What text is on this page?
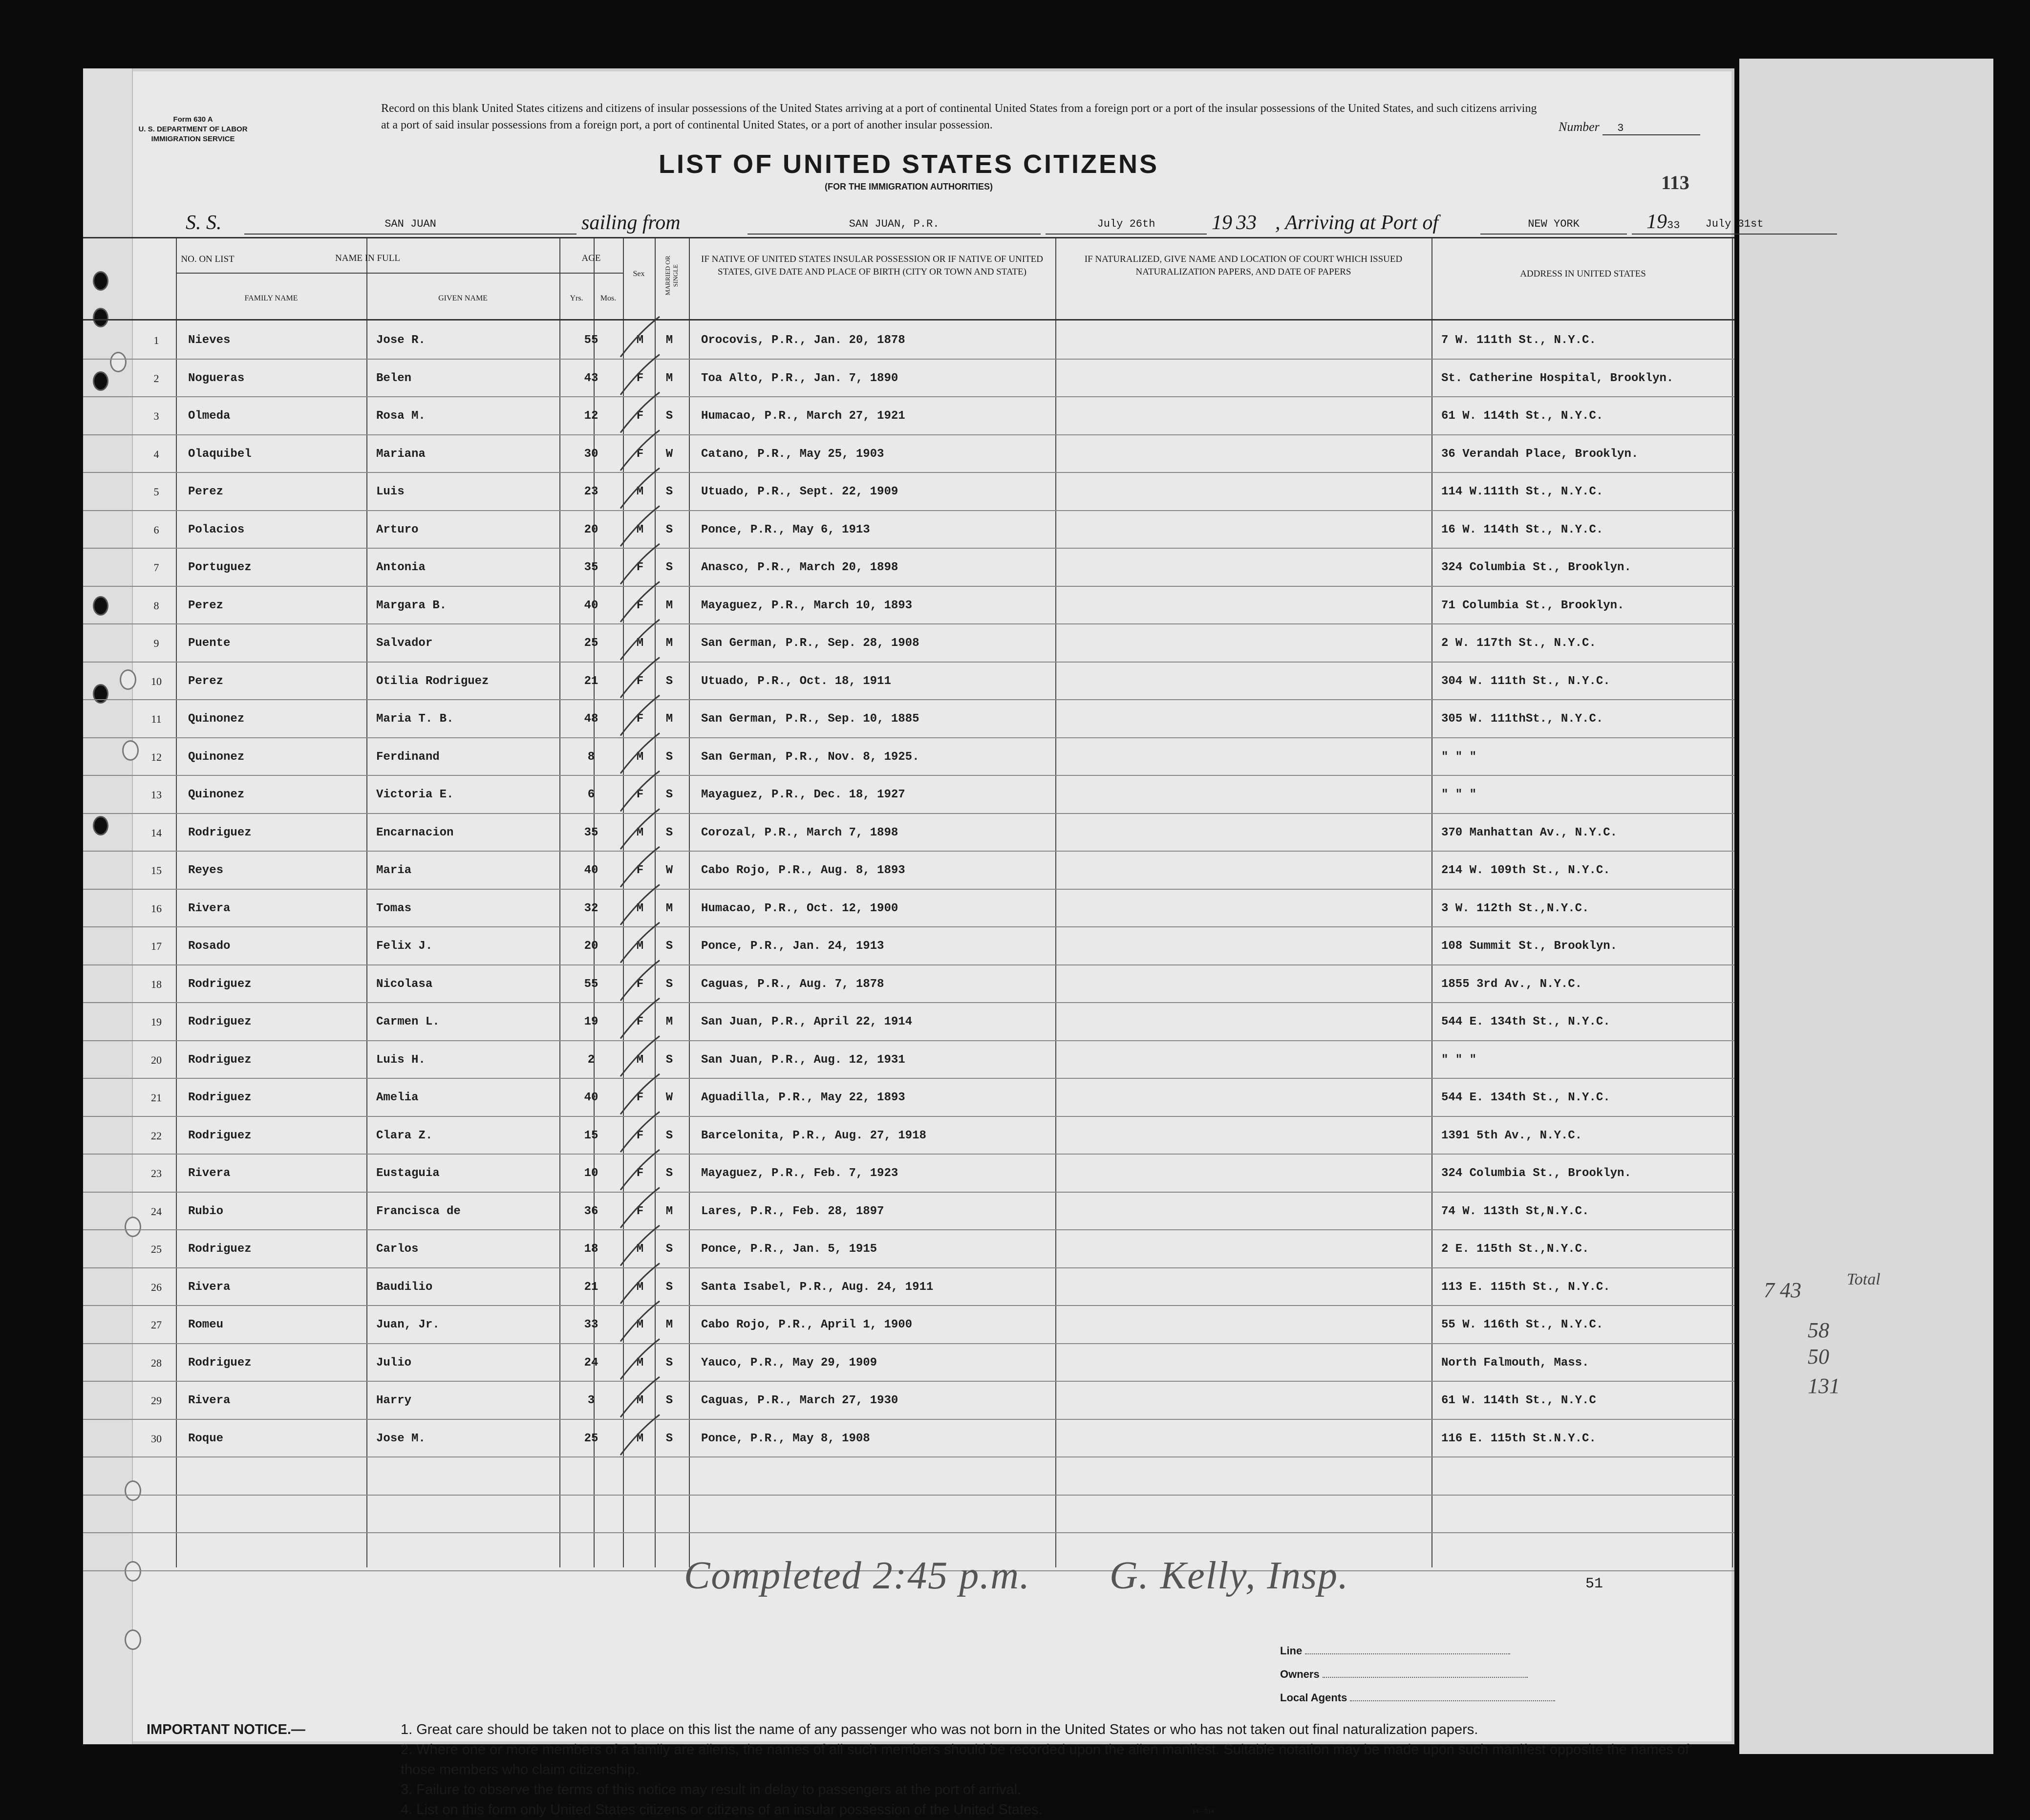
Form 630 A
U. S. DEPARTMENT OF LABOR
IMMIGRATION SERVICE
Record on this blank United States citizens and citizens of insular possessions of the United States arriving at a port of continental United States from a foreign port or a port of the insular possessions of the United States, and such citizens arriving at a port of said insular possessions from a foreign port, a port of continental United States, or a port of another insular possession.	Number 3
LIST OF UNITED STATES CITIZENS
(FOR THE IMMIGRATION AUTHORITIES)	113
S. S.	SAN JUAN	sailing from	SAN JUAN, P.R.	July 26th	19 33 , Arriving at Port of	NEW YORK	July 31st
1933
NO. ON LIST	NAME IN FULL	AGE
FAMILY NAME	GIVEN NAME	Yrs.	Mos.
Sex	MARRIED OR SINGLE
IF NATIVE OF UNITED STATES INSULAR POSSESSION OR IF NATIVE OF UNITED STATES, GIVE DATE AND PLACE OF BIRTH (CITY OR TOWN AND STATE)
IF NATURALIZED, GIVE NAME AND LOCATION OF COURT WHICH ISSUED NATURALIZATION PAPERS, AND DATE OF PAPERS	ADDRESS IN UNITED STATES
1	Nieves	Jose R.	55	M	M	Orocovis, P.R., Jan. 20, 1878	7 W. 111th St., N.Y.C.
2	Nogueras	Belen	43	F	M	Toa Alto, P.R., Jan. 7, 1890	St. Catherine Hospital, Brooklyn.
3	Olmeda	Rosa M.	12	F	S	Humacao, P.R., March 27, 1921	61 W. 114th St., N.Y.C.
4	Olaquibel	Mariana	30	F	W	Catano, P.R., May 25, 1903	36 Verandah Place, Brooklyn.
5	Perez	Luis	23	M	S	Utuado, P.R., Sept. 22, 1909	114 W.111th St., N.Y.C.
6	Polacios	Arturo	20	M	S	Ponce, P.R., May 6, 1913	16 W. 114th St., N.Y.C.
7	Portuguez	Antonia	35	F	S	Anasco, P.R., March 20, 1898	324 Columbia St., Brooklyn.
8	Perez	Margara B.	40	F	M	Mayaguez, P.R., March 10, 1893	71 Columbia St., Brooklyn.
9	Puente	Salvador	25	M	M	San German, P.R., Sep. 28, 1908	2 W. 117th St., N.Y.C.
10	Perez	Otilia Rodriguez	21	F	S	Utuado, P.R., Oct. 18, 1911	304 W. 111th St., N.Y.C.
11	Quinonez	Maria T. B.	48	F	M	San German, P.R., Sep. 10, 1885	305 W. 111thSt., N.Y.C.
12	Quinonez	Ferdinand	8	M	S	San German, P.R., Nov. 8, 1925.	" " "
13	Quinonez	Victoria E.	6	F	S	Mayaguez, P.R., Dec. 18, 1927	" " "
14	Rodriguez	Encarnacion	35	M	S	Corozal, P.R., March 7, 1898	370 Manhattan Av., N.Y.C.
15	Reyes	Maria	40	F	W	Cabo Rojo, P.R., Aug. 8, 1893	214 W. 109th St., N.Y.C.
16	Rivera	Tomas	32	M	M	Humacao, P.R., Oct. 12, 1900	3 W. 112th St.,N.Y.C.
17	Rosado	Felix J.	20	M	S	Ponce, P.R., Jan. 24, 1913	108 Summit St., Brooklyn.
18	Rodriguez	Nicolasa	55	F	S	Caguas, P.R., Aug. 7, 1878	1855 3rd Av., N.Y.C.
19	Rodriguez	Carmen L.	19	F	M	San Juan, P.R., April 22, 1914	544 E. 134th St., N.Y.C.
20	Rodriguez	Luis H.	2	M	S	San Juan, P.R., Aug. 12, 1931	" " "
21	Rodriguez	Amelia	40	F	W	Aguadilla, P.R., May 22, 1893	544 E. 134th St., N.Y.C.
22	Rodriguez	Clara Z.	15	F	S	Barcelonita, P.R., Aug. 27, 1918	1391 5th Av., N.Y.C.
23	Rivera	Eustaguia	10	F	S	Mayaguez, P.R., Feb. 7, 1923	324 Columbia St., Brooklyn.
24	Rubio	Francisca de	36	F	M	Lares, P.R., Feb. 28, 1897	74 W. 113th St,N.Y.C.
25	Rodriguez	Carlos	18	M	S	Ponce, P.R., Jan. 5, 1915	2 E. 115th St.,N.Y.C.
26	Rivera	Baudilio	21	M	S	Santa Isabel, P.R., Aug. 24, 1911	113 E. 115th St., N.Y.C.
27	Romeu	Juan, Jr.	33	M	M	Cabo Rojo, P.R., April 1, 1900	55 W. 116th St., N.Y.C.
28	Rodriguez	Julio	24	M	S	Yauco, P.R., May 29, 1909	North Falmouth, Mass.
29	Rivera	Harry	3	M	S	Caguas, P.R., March 27, 1930	61 W. 114th St., N.Y.C
30	Roque	Jose M.	25	M	S	Ponce, P.R., May 8, 1908	116 E. 115th St.N.Y.C.
Completed 2:45 p.m. G. Kelly, Insp.	51
Line
Owners
Local Agents
IMPORTANT NOTICE.—	1. Great care should be taken not to place on this list the name of any passenger who was not born in the United States or who has not taken out final naturalization papers.
2. Where one or more members of a family are aliens, the names of all such members should be recorded upon the alien manifest. Suitable notation may be made upon such manifest opposite the names of those members who claim citizenship.
3. Failure to observe the terms of this notice may result in delay to passengers at the port of arrival.
4. List on this form only United States citizens or citizens of an insular possession of the United States.	14—314
Total
7 43
58
50
131
